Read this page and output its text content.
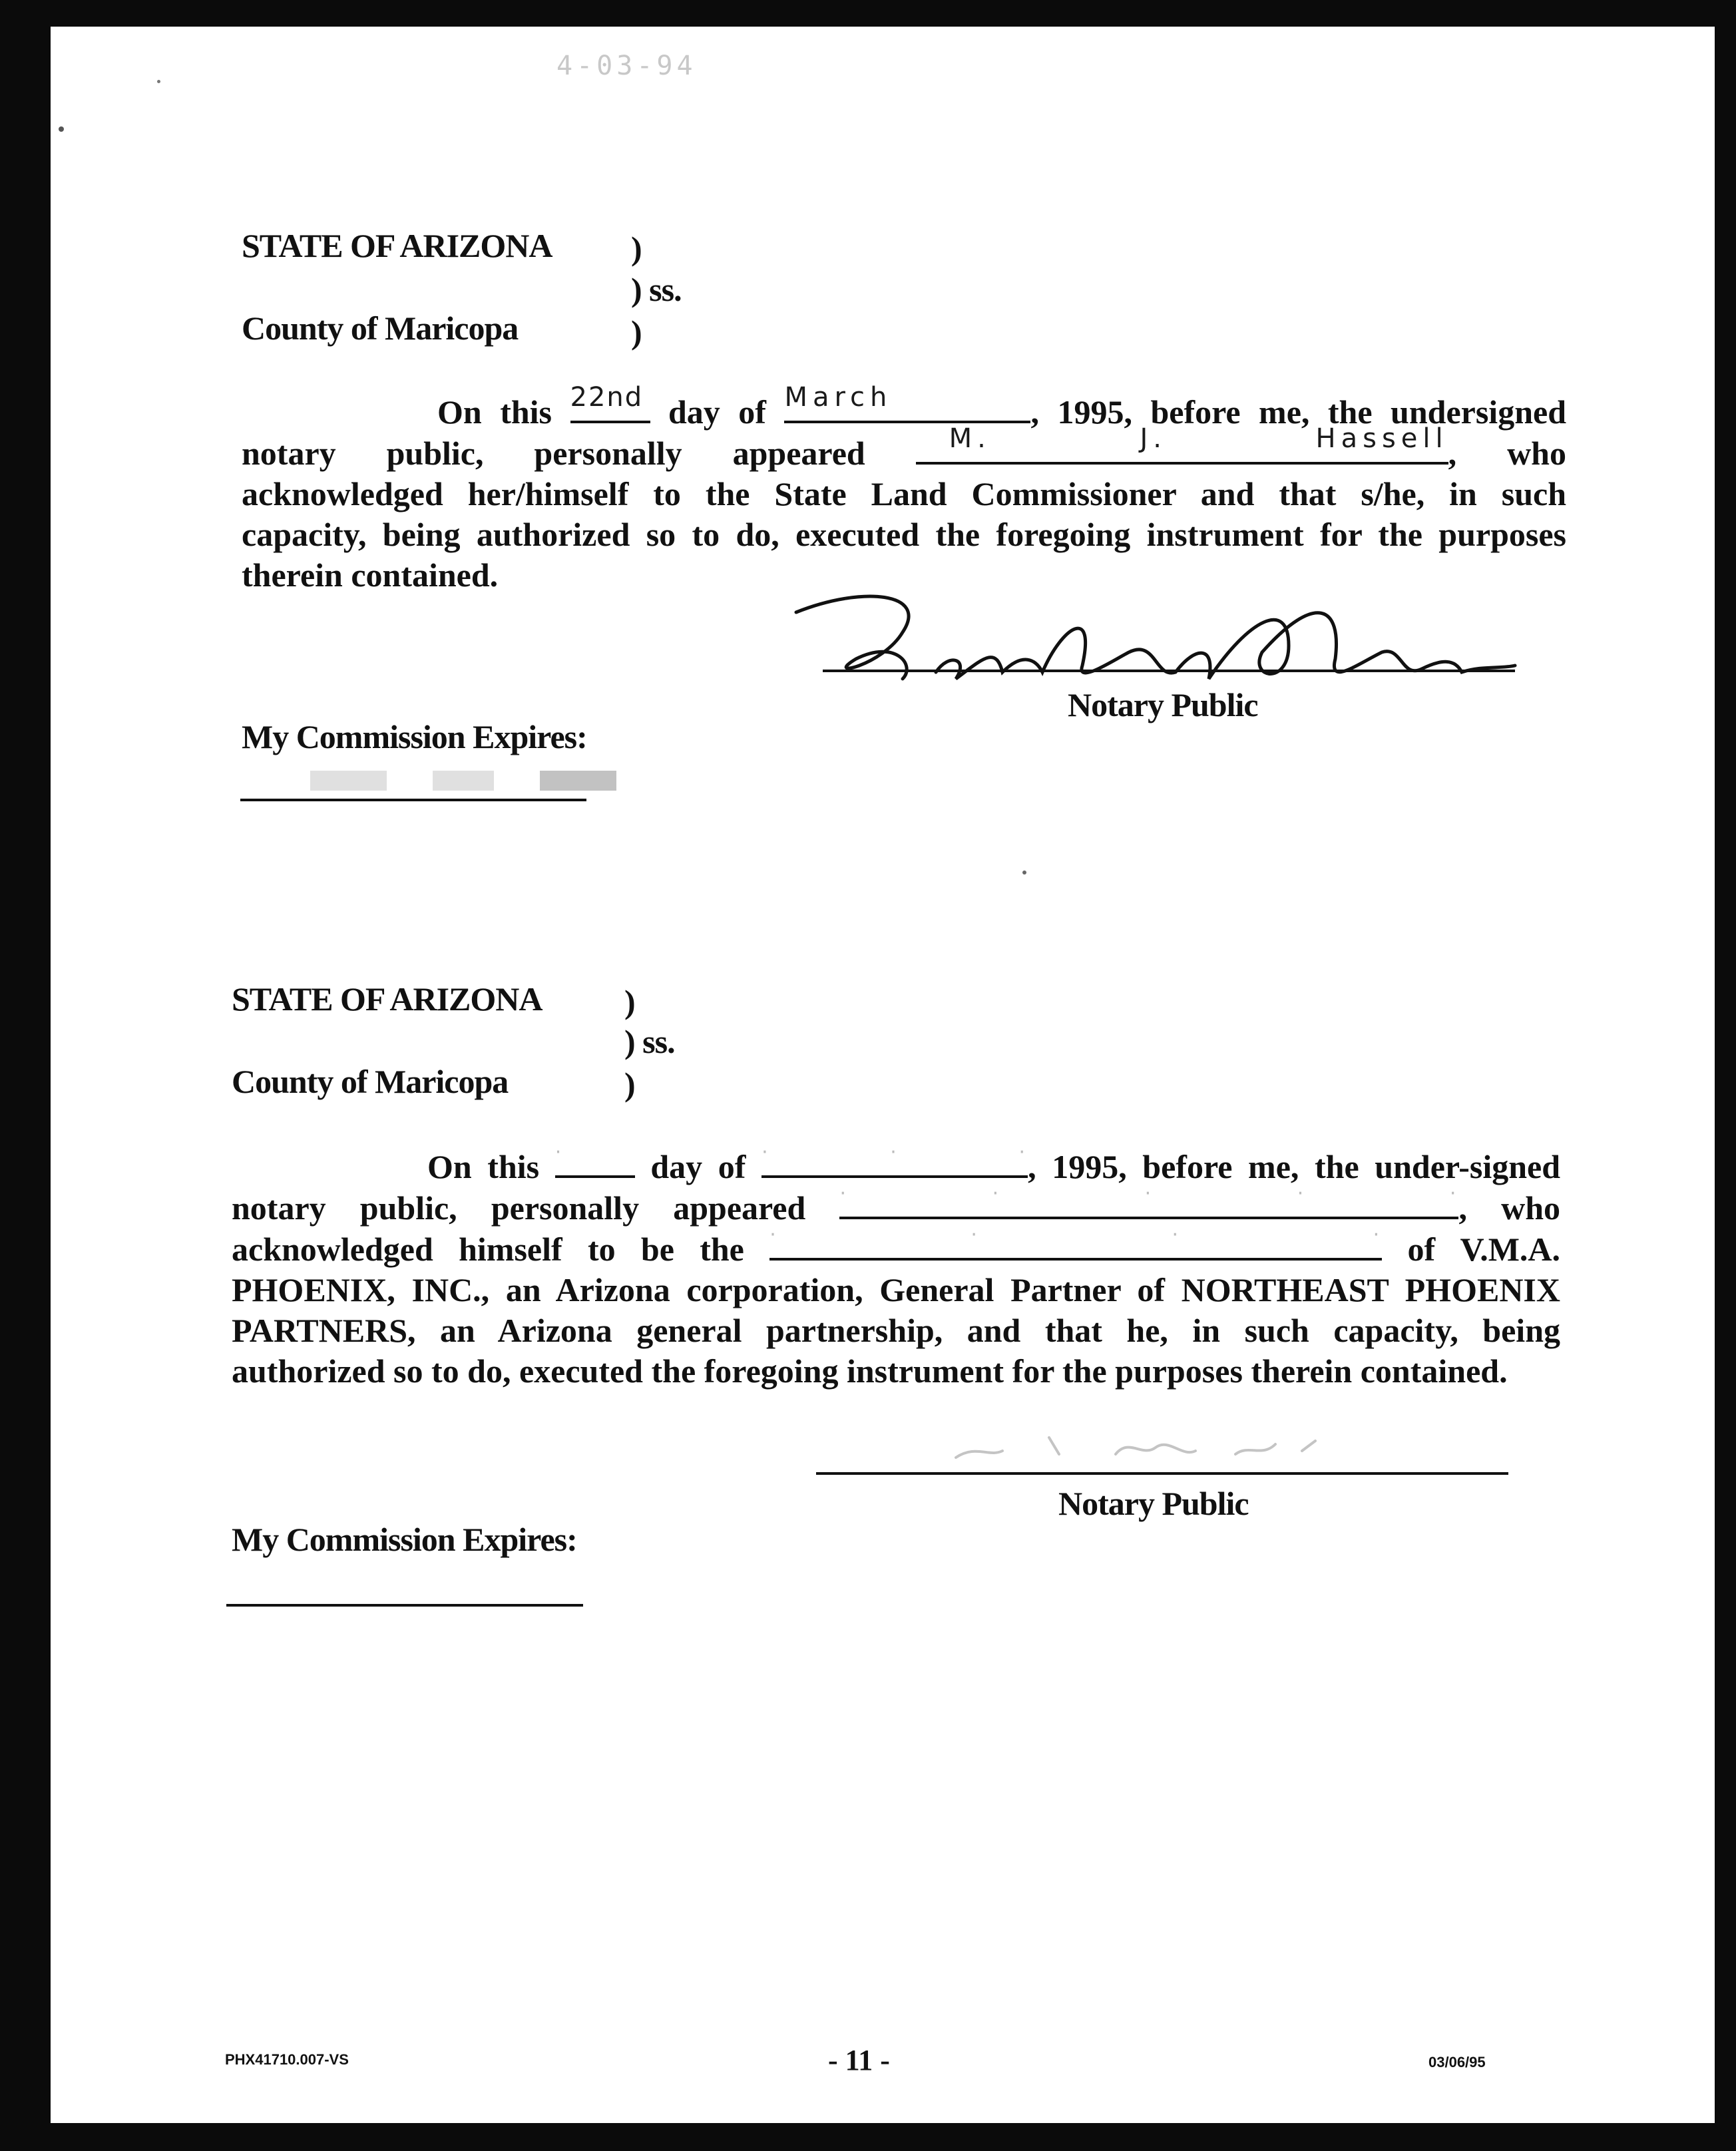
4-03-94
STATE OF ARIZONA )
) ss.
County of Maricopa	)
On this 22nd day of March	, 1995, before me, the undersigned
notary public, personally appeared	M. J. Hassell , who
acknowledged her/himself to the State Land Commissioner and that s/he, in such
capacity, being authorized so to do, executed the foregoing instrument for the purposes
therein contained.
Notary Public
My Commission Expires:
STATE OF ARIZONA )
) ss.
County of Maricopa	)
On this ·	day of · · · , 1995, before me, the under-signed
notary public, personally appeared · · · · · , who
acknowledged himself to be the · · · · of V.M.A.
PHOENIX, INC., an Arizona corporation, General Partner of NORTHEAST PHOENIX
PARTNERS, an Arizona general partnership, and that he, in such capacity, being
authorized so to do, executed the foregoing instrument for the purposes therein contained.
Notary Public
My Commission Expires:
PHX41710.007-VS	- 11 -	03/06/95
